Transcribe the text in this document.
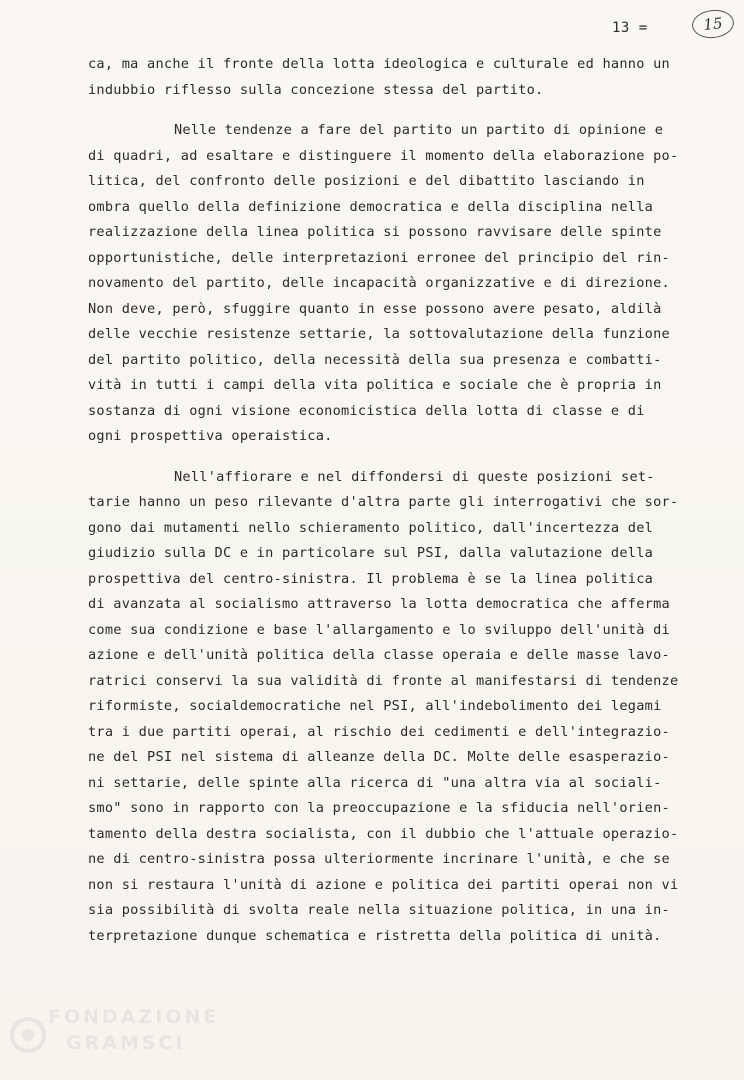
13 =	15
ca, ma anche il fronte della lotta ideologica e culturale ed hanno un
indubbio riflesso sulla concezione stessa del partito.
Nelle tendenze a fare del partito un partito di opinione e
di quadri, ad esaltare e distinguere il momento della elaborazione po-
litica, del confronto delle posizioni e del dibattito lasciando in
ombra quello della definizione democratica e della disciplina nella
realizzazione della linea politica si possono ravvisare delle spinte
opportunistiche, delle interpretazioni erronee del principio del rin-
novamento del partito, delle incapacità organizzative e di direzione.
Non deve, però, sfuggire quanto in esse possono avere pesato, aldilà
delle vecchie resistenze settarie, la sottovalutazione della funzione
del partito politico, della necessità della sua presenza e combatti-
vità in tutti i campi della vita politica e sociale che è propria in
sostanza di ogni visione economicistica della lotta di classe e di
ogni prospettiva operaistica.
Nell'affiorare e nel diffondersi di queste posizioni set-
tarie hanno un peso rilevante d'altra parte gli interrogativi che sor-
gono dai mutamenti nello schieramento politico, dall'incertezza del
giudizio sulla DC e in particolare sul PSI, dalla valutazione della
prospettiva del centro-sinistra. Il problema è se la linea politica
di avanzata al socialismo attraverso la lotta democratica che afferma
come sua condizione e base l'allargamento e lo sviluppo dell'unità di
azione e dell'unità politica della classe operaia e delle masse lavo-
ratrici conservi la sua validità di fronte al manifestarsi di tendenze
riformiste, socialdemocratiche nel PSI, all'indebolimento dei legami
tra i due partiti operai, al rischio dei cedimenti e dell'integrazio-
ne del PSI nel sistema di alleanze della DC. Molte delle esasperazio-
ni settarie, delle spinte alla ricerca di "una altra via al sociali-
smo" sono in rapporto con la preoccupazione e la sfiducia nell'orien-
tamento della destra socialista, con il dubbio che l'attuale operazio-
ne di centro-sinistra possa ulteriormente incrinare l'unità, e che se
non si restaura l'unità di azione e politica dei partiti operai non vi
sia possibilità di svolta reale nella situazione politica, in una in-
terpretazione dunque schematica e ristretta della politica di unità.
FONDAZIONE
GRAMSCI
